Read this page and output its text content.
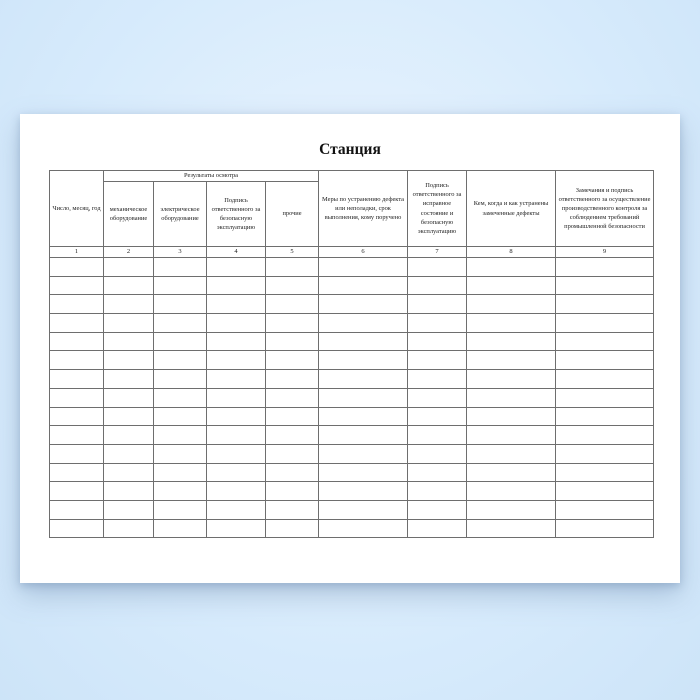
Станция
Число, месяц, год	Результаты осмотра				Меры по устранению дефекта или неполадки, срок выполнения, кому поручено	Подпись ответственного за исправное состояние и безопасную эксплуатацию	Кем, когда и как устранены замеченные дефекты	Замечания и подпись ответственного за осуществление производственного контроля за соблюдением требований промышленной безопасности
	механическое оборудование	электрическое оборудование	Подпись ответственного за безопасную эксплуатацию	прочие				
1	2	3	4	5	6	7	8	9
